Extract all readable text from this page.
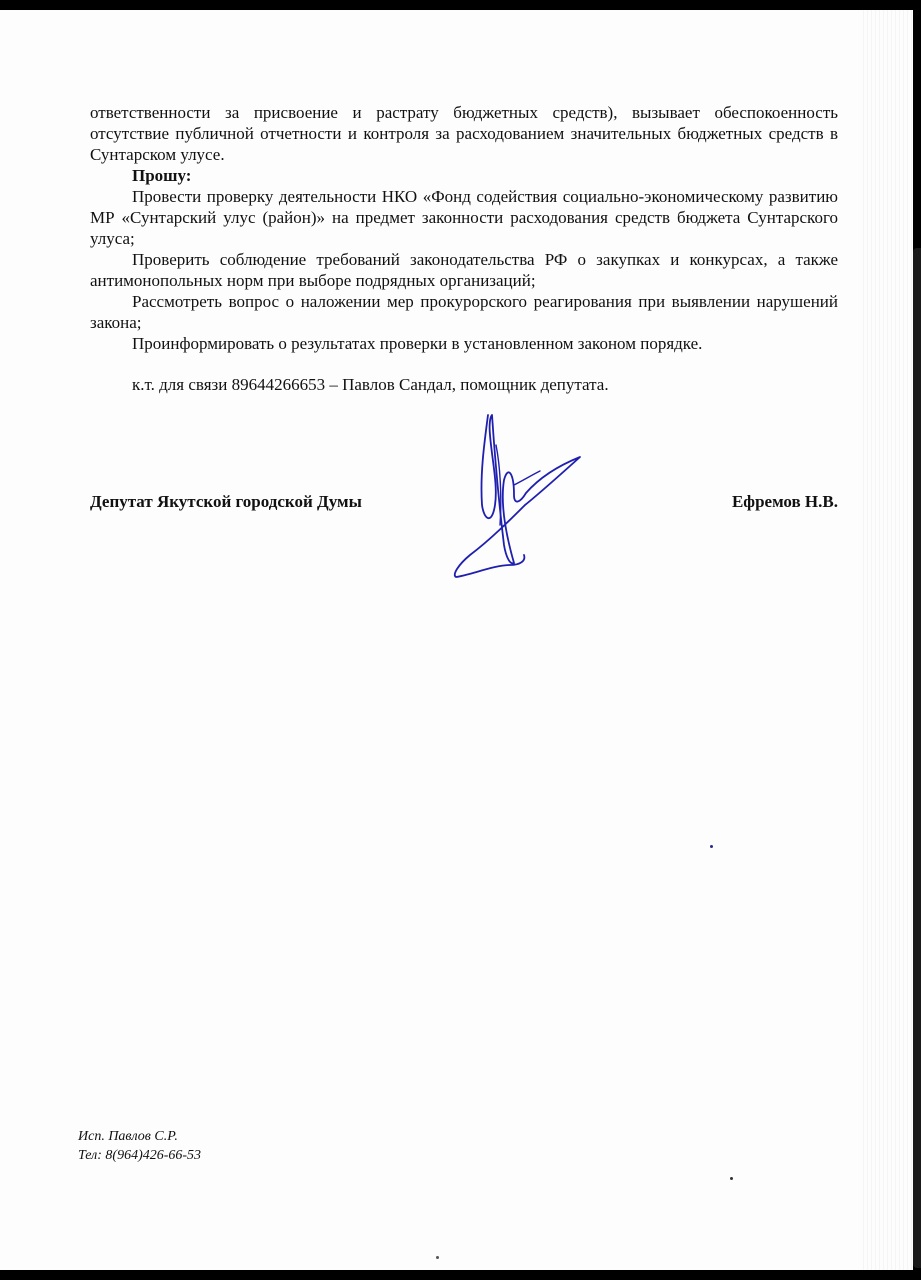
ответственности за присвоение и растрату бюджетных средств), вызывает обеспокоенность отсутствие публичной отчетности и контроля за расходованием значительных бюджетных средств в Сунтарском улусе.

Прошу:

Провести проверку деятельности НКО «Фонд содействия социально-экономическому развитию МР «Сунтарский улус (район)» на предмет законности расходования средств бюджета Сунтарского улуса;

Проверить соблюдение требований законодательства РФ о закупках и конкурсах, а также антимонопольных норм при выборе подрядных организаций;

Рассмотреть вопрос о наложении мер прокурорского реагирования при выявлении нарушений закона;

Проинформировать о результатах проверки в установленном законом порядке.

к.т. для связи 89644266653 – Павлов Сандал, помощник депутата.

Депутат Якутской городской Думы	Ефремов Н.В.
Исп. Павлов С.Р.
Тел: 8(964)426-66-53
